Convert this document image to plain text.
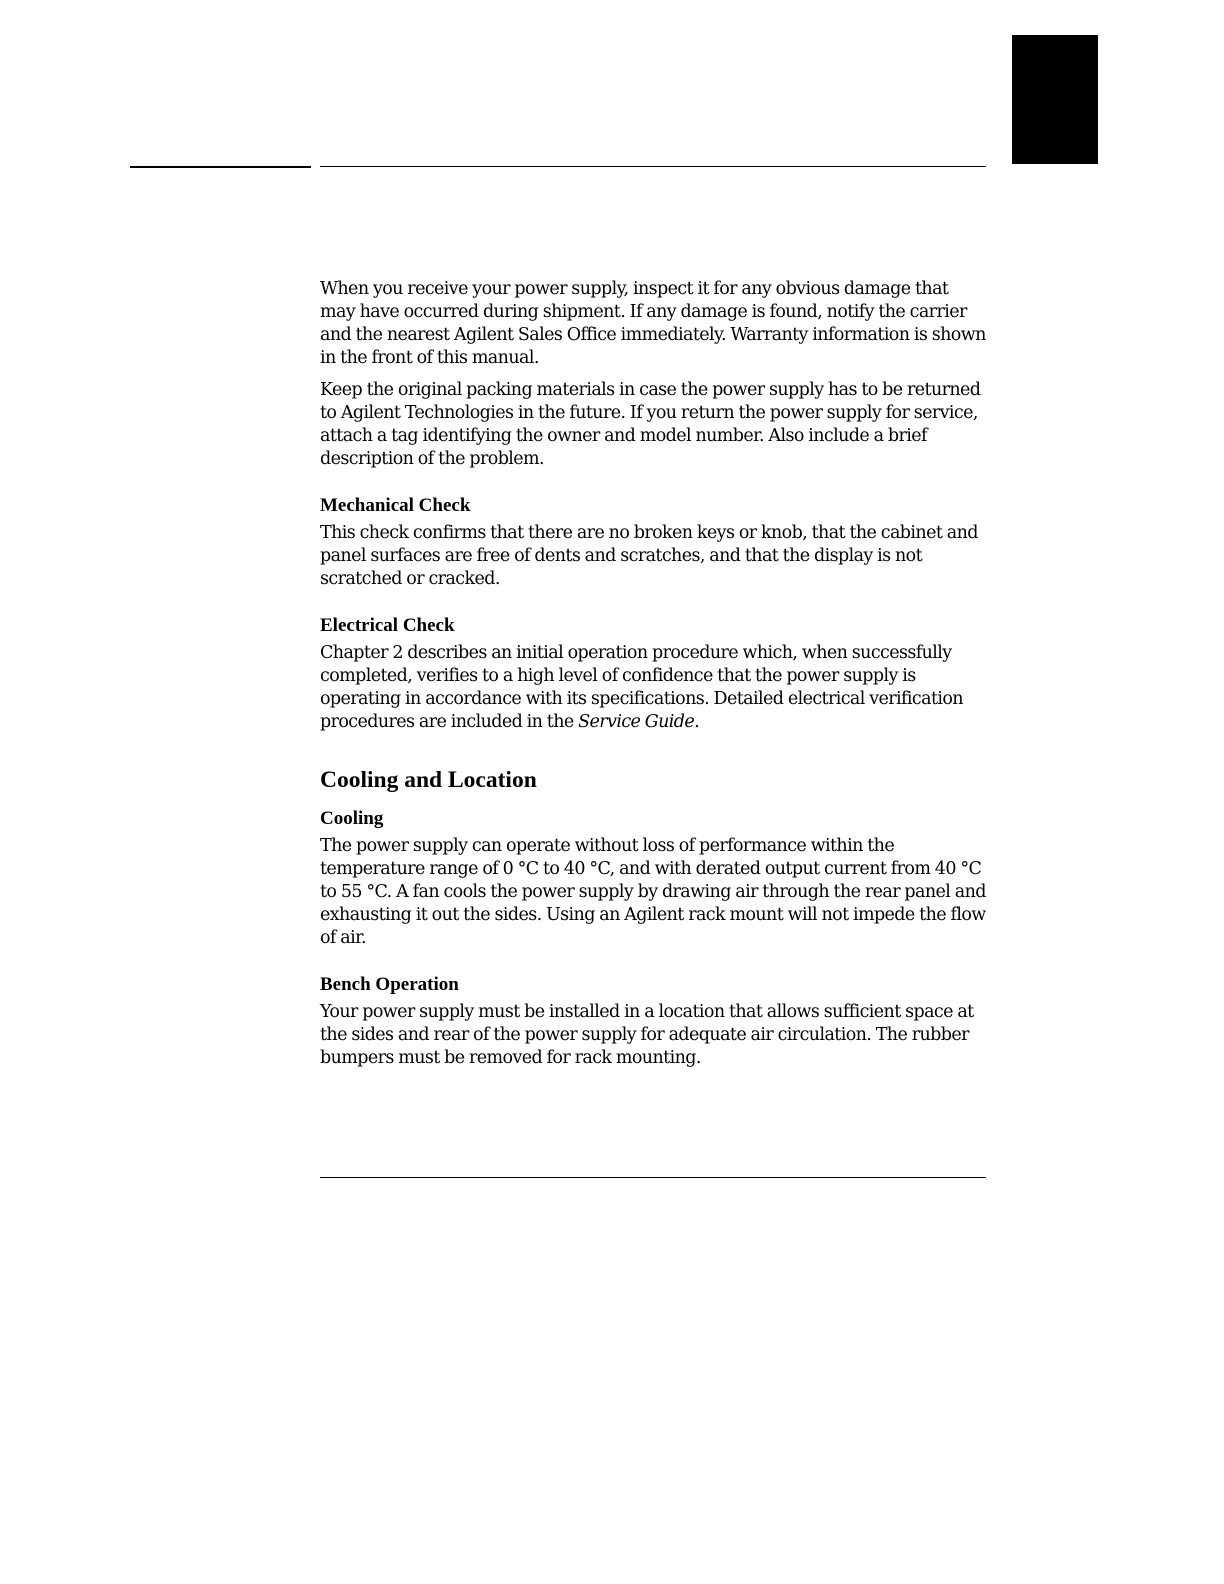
When you receive your power supply, inspect it for any obvious damage that may have occurred during shipment. If any damage is found, notify the carrier and the nearest Agilent Sales Office immediately. Warranty information is shown in the front of this manual.

Keep the original packing materials in case the power supply has to be returned to Agilent Technologies in the future. If you return the power supply for service, attach a tag identifying the owner and model number. Also include a brief description of the problem.

Mechanical Check

This check confirms that there are no broken keys or knob, that the cabinet and panel surfaces are free of dents and scratches, and that the display is not scratched or cracked.

Electrical Check

Chapter 2 describes an initial operation procedure which, when successfully completed, verifies to a high level of confidence that the power supply is operating in accordance with its specifications. Detailed electrical verification procedures are included in the Service Guide.

Cooling and Location
Cooling

The power supply can operate without loss of performance within the temperature range of 0 °C to 40 °C, and with derated output current from 40 °C to 55 °C. A fan cools the power supply by drawing air through the rear panel and exhausting it out the sides. Using an Agilent rack mount will not impede the flow of air.

Bench Operation

Your power supply must be installed in a location that allows sufficient space at the sides and rear of the power supply for adequate air circulation. The rubber bumpers must be removed for rack mounting.
